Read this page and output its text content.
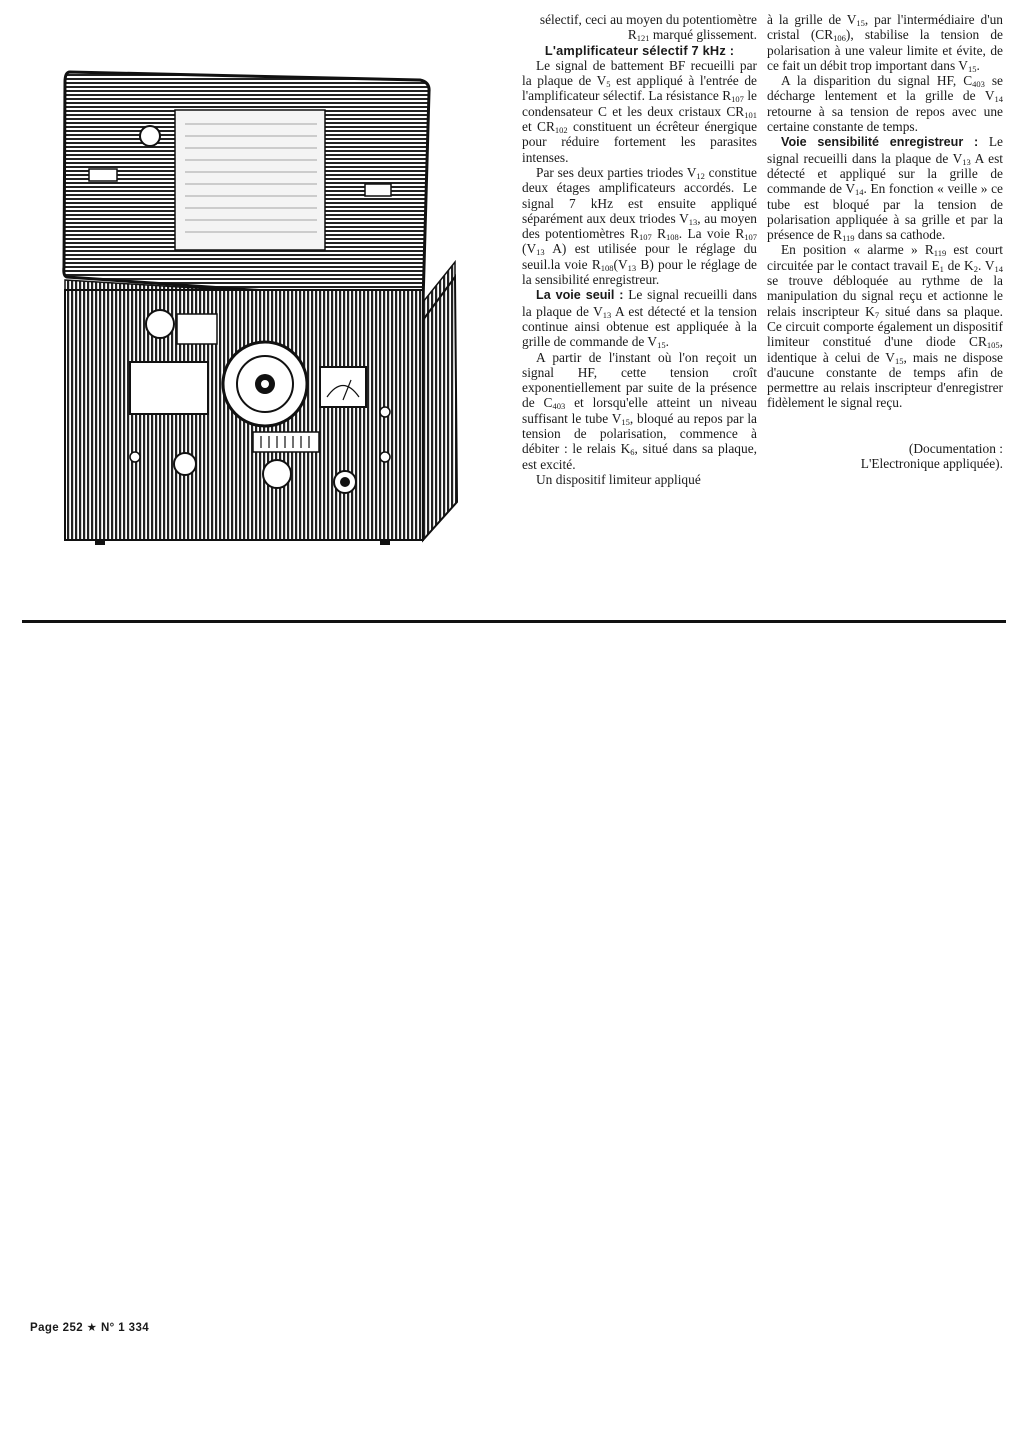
sélectif, ceci au moyen du potentiomètre $R_{121}$ marqué glissement.

L'amplificateur sélectif 7 kHz :

Le signal de battement BF recueilli par la plaque de $V_5$ est appliqué à l'entrée de l'amplificateur sélectif. La résistance $R_{107}$ le condensateur C et les deux cristaux $CR_{101}$ et $CR_{102}$ constituent un écrêteur énergique pour réduire fortement les parasites intenses.

Par ses deux parties triodes $V_{12}$ constitue deux étages amplificateurs accordés. Le signal 7 kHz est ensuite appliqué séparément aux deux triodes $V_{13}$, au moyen des potentiomètres $R_{107}$ $R_{108}$. La voie $R_{107}$ ($V_{13}$ A) est utilisée pour le réglage du seuil.la voie $R_{108}(V_{13}$ B) pour le réglage de la sensibilité enregistreur.

La voie seuil : Le signal recueilli dans la plaque de $V_{13}$ A est détecté et la tension continue ainsi obtenue est appliquée à la grille de commande de $V_{15}$.

A partir de l'instant où l'on reçoit un signal HF, cette tension croît exponentiellement par suite de la présence de $C_{403}$ et lorsqu'elle atteint un niveau suffisant le tube $V_{15}$, bloqué au repos par la tension de polarisation, commence à débiter : le relais $K_6$, situé dans sa plaque, est excité.

Un dispositif limiteur appliqué

à la grille de $V_{15}$, par l'intermédiaire d'un cristal $(CR_{106})$, stabilise la tension de polarisation à une valeur limite et évite, de ce fait un débit trop important dans $V_{15}$.

A la disparition du signal HF, $C_{403}$ se décharge lentement et la grille de $V_{14}$ retourne à sa tension de repos avec une certaine constante de temps.

Voie sensibilité enregistreur : Le signal recueilli dans la plaque de $V_{13}$ A est détecté et appliqué sur la grille de commande de $V_{14}$. En fonction « veille » ce tube est bloqué par la tension de polarisation appliquée à sa grille et par la présence de $R_{119}$ dans sa cathode.

En position « alarme » $R_{119}$ est court circuitée par le contact travail $E_1$ de $K_2$. $V_{14}$ se trouve débloquée au rythme de la manipulation du signal reçu et actionne le relais inscripteur $K_7$ situé dans sa plaque. Ce circuit comporte également un dispositif limiteur constitué d'une diode $CR_{105}$, identique à celui de $V_{15}$, mais ne dispose d'aucune constante de temps afin de permettre au relais inscripteur d'enregistrer fidèlement le signal reçu.

(Documentation :
L'Electronique appliquée).

Page 252 ★ N° 1 334
